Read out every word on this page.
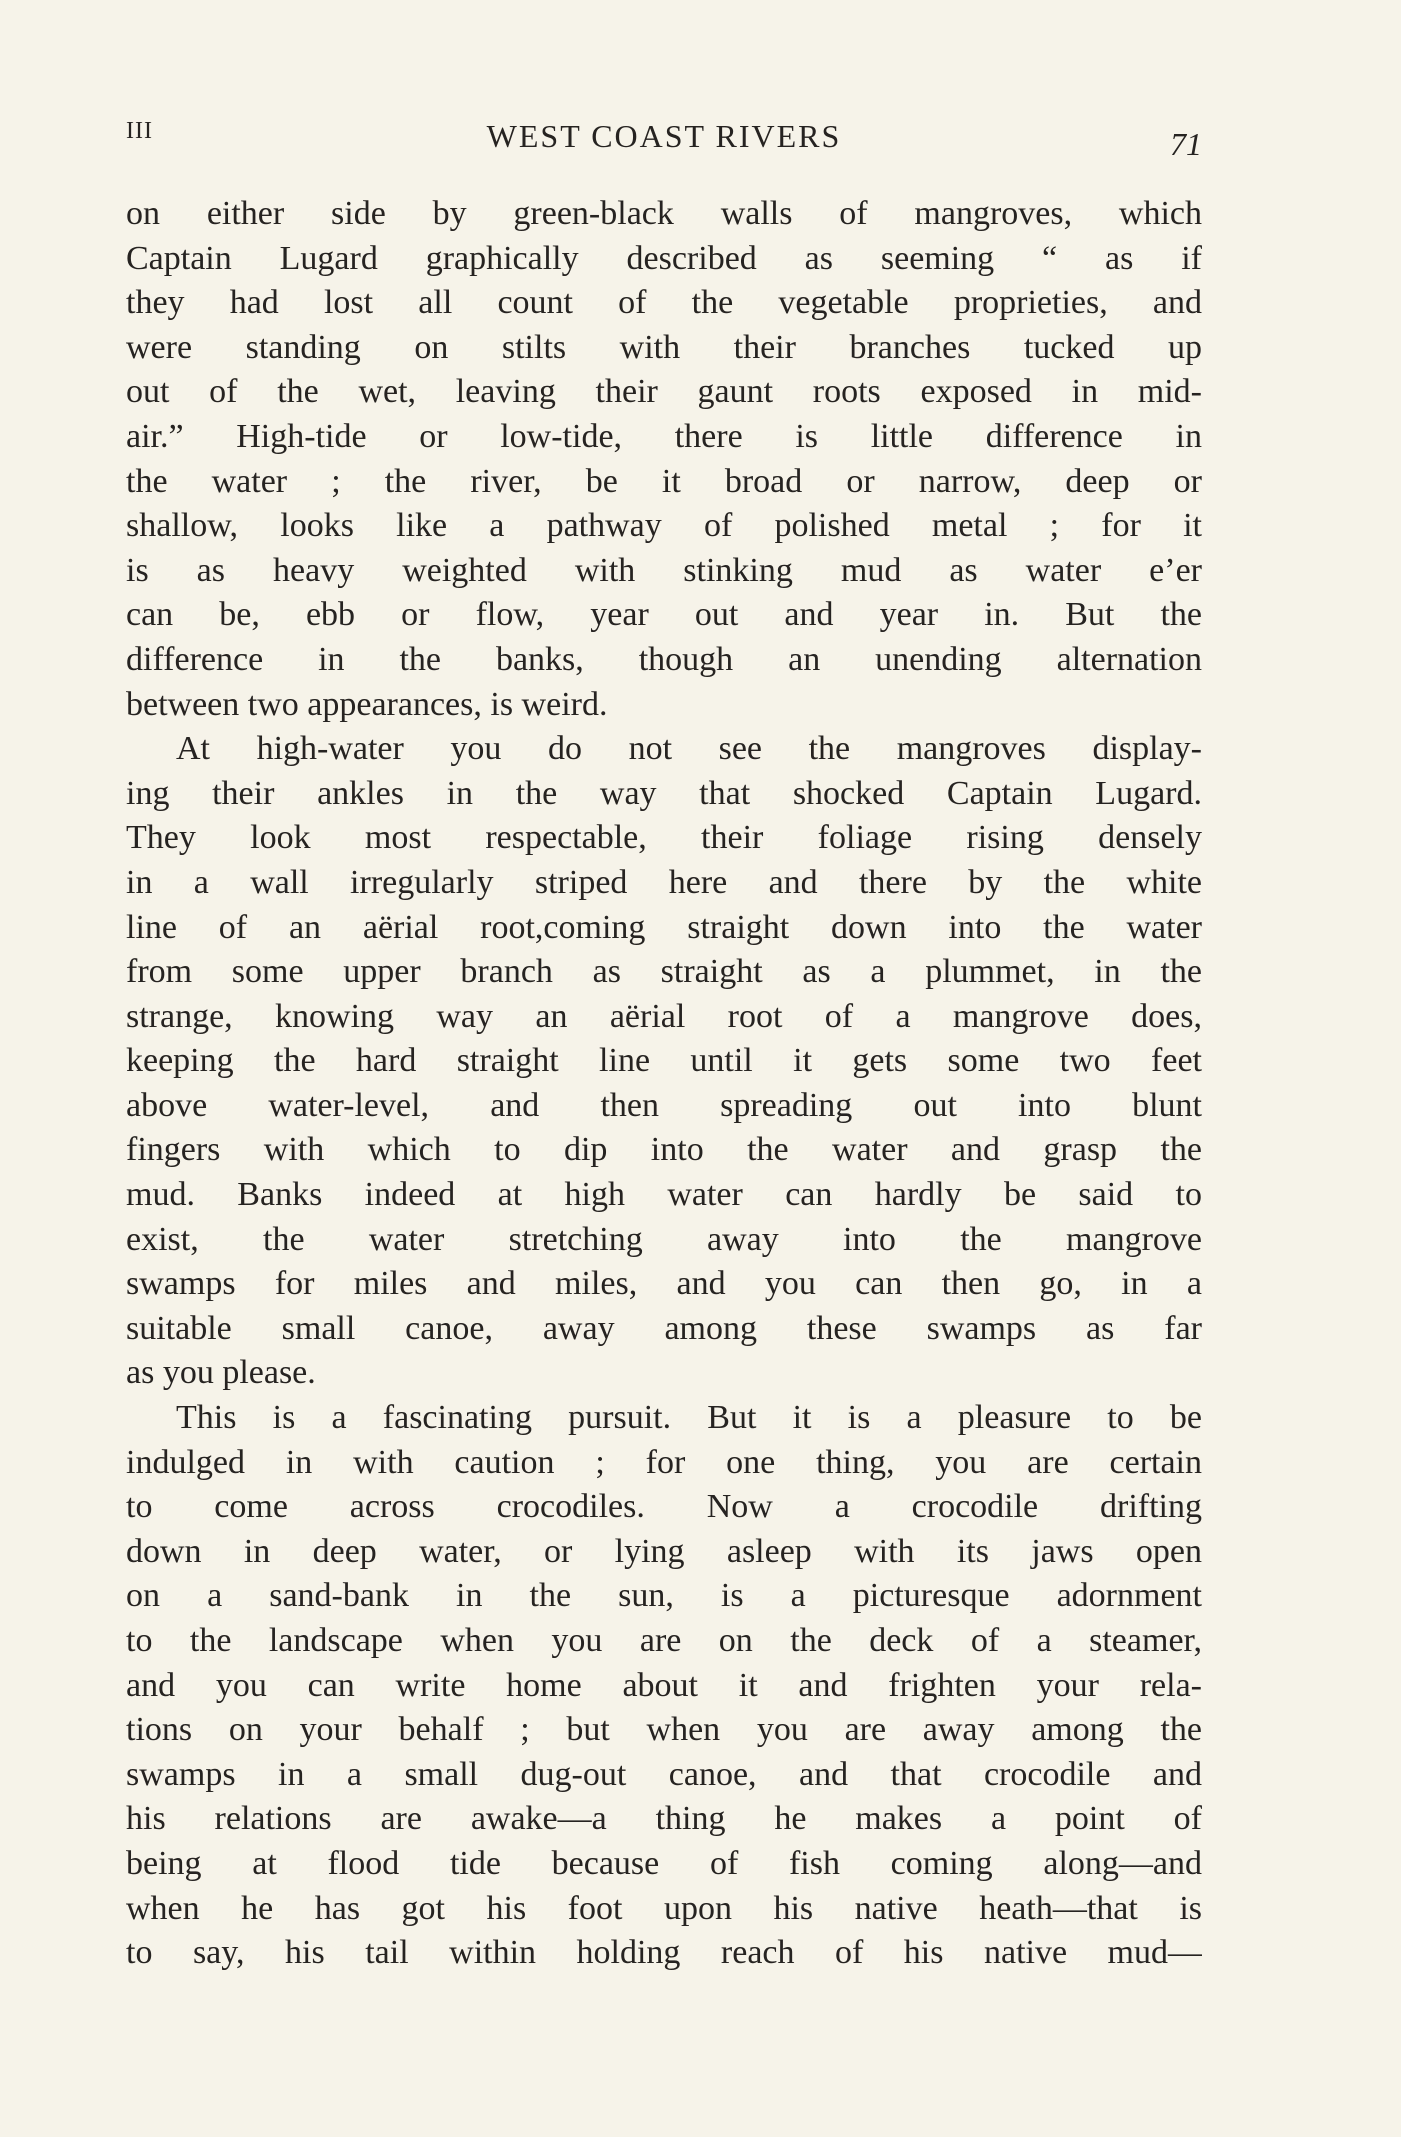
III	WEST COAST RIVERS	71
on either side by green-black walls of mangroves, which
Captain Lugard graphically described as seeming “ as if
they had lost all count of the vegetable proprieties, and
were standing on stilts with their branches tucked up
out of the wet, leaving their gaunt roots exposed in mid-
air.” High-tide or low-tide, there is little difference in
the water ; the river, be it broad or narrow, deep or
shallow, looks like a pathway of polished metal ; for it
is as heavy weighted with stinking mud as water e’er
can be, ebb or flow, year out and year in. But the
difference in the banks, though an unending alternation
between two appearances, is weird.
At high-water you do not see the mangroves display-
ing their ankles in the way that shocked Captain Lugard.
They look most respectable, their foliage rising densely
in a wall irregularly striped here and there by the white
line of an aërial root,coming straight down into the water
from some upper branch as straight as a plummet, in the
strange, knowing way an aërial root of a mangrove does,
keeping the hard straight line until it gets some two feet
above water-level, and then spreading out into blunt
fingers with which to dip into the water and grasp the
mud. Banks indeed at high water can hardly be said to
exist, the water stretching away into the mangrove
swamps for miles and miles, and you can then go, in a
suitable small canoe, away among these swamps as far
as you please.
This is a fascinating pursuit. But it is a pleasure to be
indulged in with caution ; for one thing, you are certain
to come across crocodiles. Now a crocodile drifting
down in deep water, or lying asleep with its jaws open
on a sand-bank in the sun, is a picturesque adornment
to the landscape when you are on the deck of a steamer,
and you can write home about it and frighten your rela-
tions on your behalf ; but when you are away among the
swamps in a small dug-out canoe, and that crocodile and
his relations are awake—a thing he makes a point of
being at flood tide because of fish coming along—and
when he has got his foot upon his native heath—that is
to say, his tail within holding reach of his native mud—
